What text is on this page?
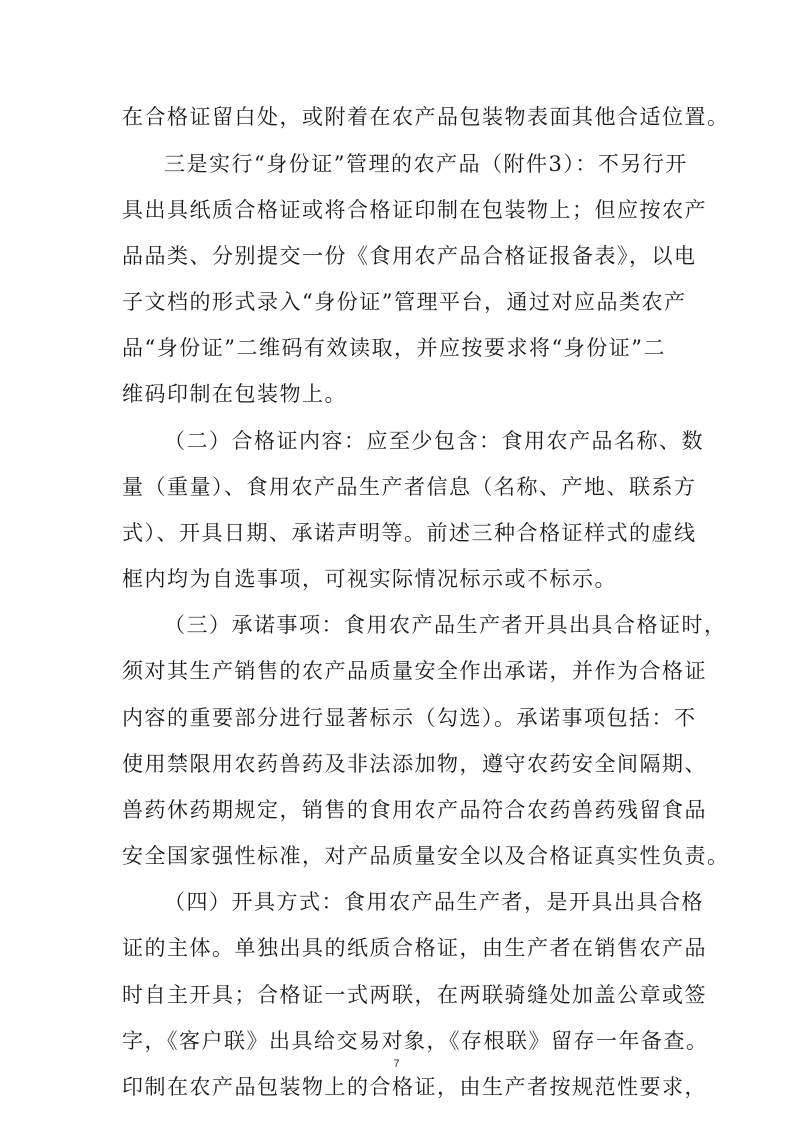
在合格证留白处，或附着在农产品包装物表面其他合适位置。
三是实行“身份证”管理的农产品（附件3）：不另行开
具出具纸质合格证或将合格证印制在包装物上；但应按农产
品品类、分别提交一份《食用农产品合格证报备表》，以电
子文档的形式录入“身份证”管理平台，通过对应品类农产
品“身份证”二维码有效读取，并应按要求将“身份证”二
维码印制在包装物上。
（二）合格证内容：应至少包含：食用农产品名称、数
量（重量）、食用农产品生产者信息（名称、产地、联系方
式）、开具日期、承诺声明等。前述三种合格证样式的虚线
框内均为自选事项，可视实际情况标示或不标示。
（三）承诺事项：食用农产品生产者开具出具合格证时，
须对其生产销售的农产品质量安全作出承诺，并作为合格证
内容的重要部分进行显著标示（勾选）。承诺事项包括：不
使用禁限用农药兽药及非法添加物，遵守农药安全间隔期、
兽药休药期规定，销售的食用农产品符合农药兽药残留食品
安全国家强性标准，对产品质量安全以及合格证真实性负责。
（四）开具方式：食用农产品生产者，是开具出具合格
证的主体。单独出具的纸质合格证，由生产者在销售农产品
时自主开具；合格证一式两联，在两联骑缝处加盖公章或签
字，《客户联》出具给交易对象，《存根联》留存一年备查。
印制在农产品包装物上的合格证，由生产者按规范性要求，
7
